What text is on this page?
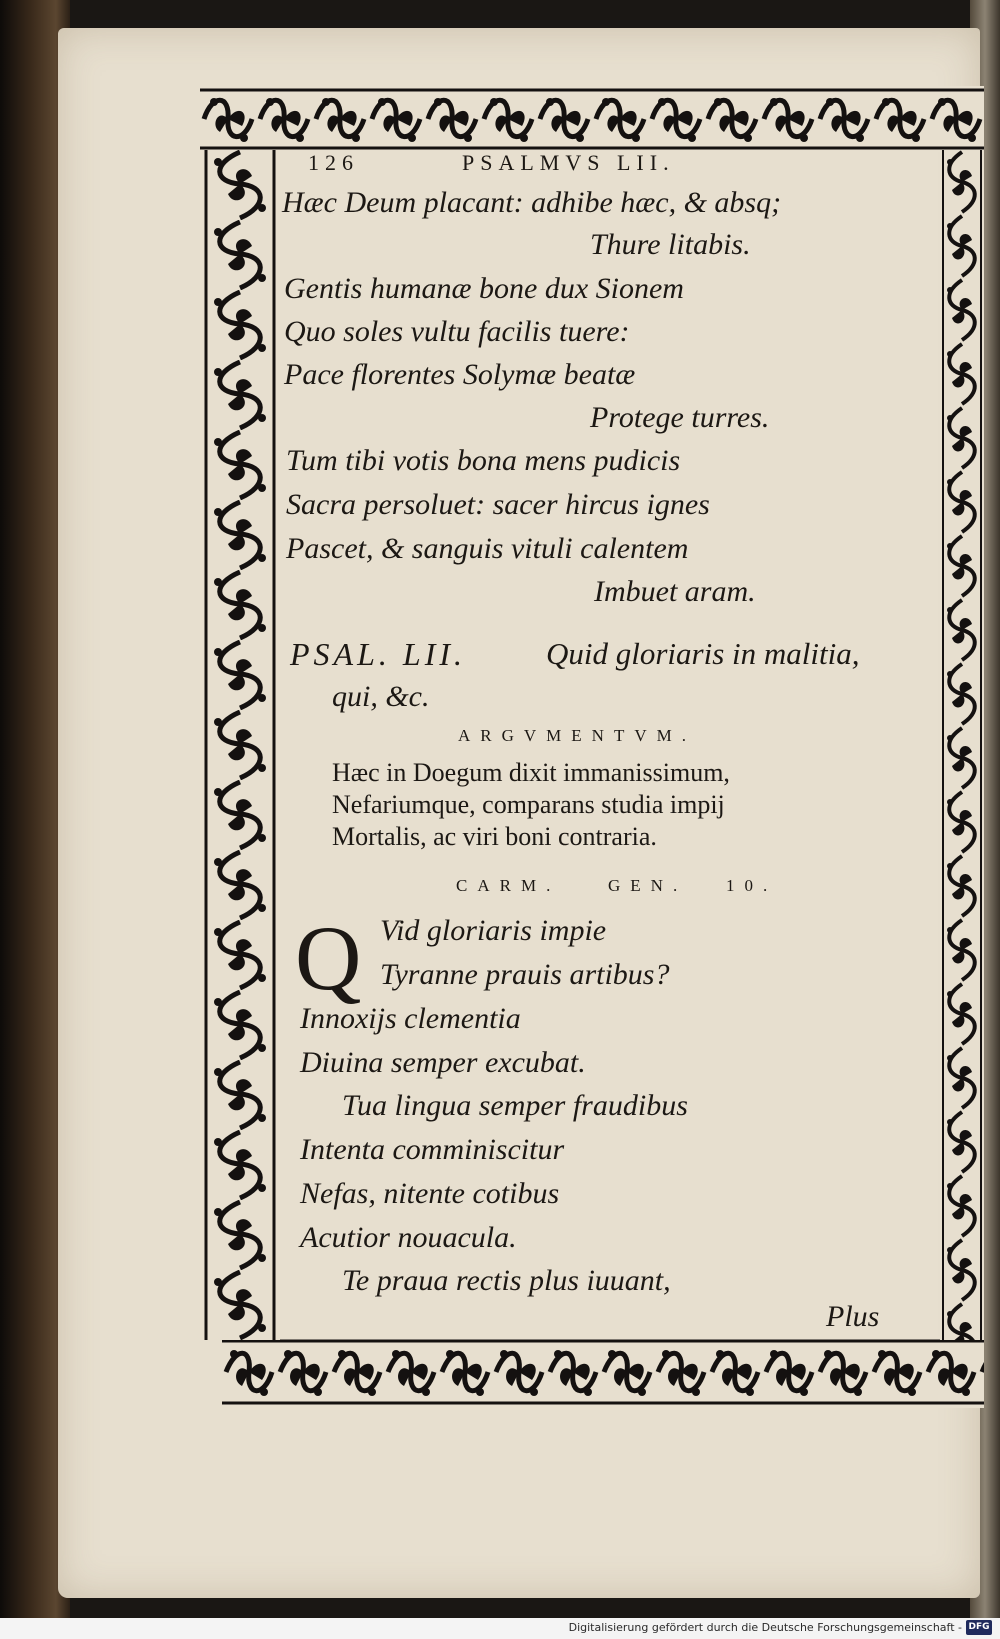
126	PSALMVS LII.
Hæc Deum placant: adhibe hæc, & absq;
Thure litabis.
Gentis humanæ bone dux Sionem
Quo soles vultu facilis tuere:
Pace florentes Solymæ beatæ
Protege turres.
Tum tibi votis bona mens pudicis
Sacra persoluet: sacer hircus ignes
Pascet, & sanguis vituli calentem
Imbuet aram.
PSAL. LII.	Quid gloriaris in malitia,
qui, &c.
ARGVMENTVM.
Hæc in Doegum dixit immanissimum,
Nefariumque, comparans studia impij
Mortalis, ac viri boni contraria.
CARM.	GEN. 10.
Q Vid gloriaris impie
Tyranne prauis artibus?
Innoxijs clementia
Diuina semper excubat.
Tua lingua semper fraudibus
Intenta comminiscitur
Nefas, nitente cotibus
Acutior nouacula.
Te praua rectis plus iuuant,
Plus
Digitalisierung gefördert durch die Deutsche Forschungsgemeinschaft - DFG
